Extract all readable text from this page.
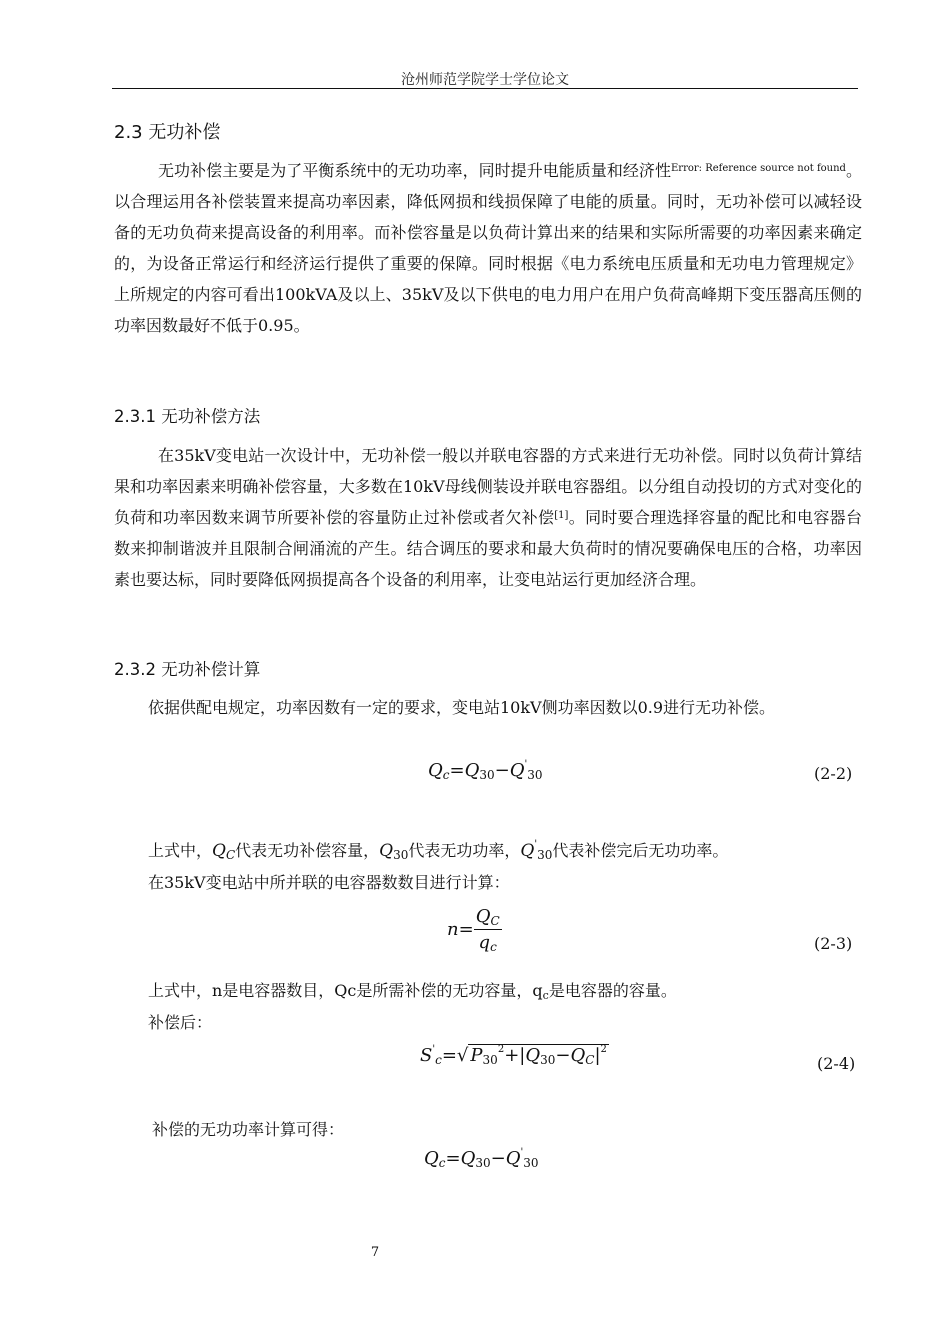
沧州师范学院学士学位论文
2.3 无功补偿

无功补偿主要是为了平衡系统中的无功功率，同时提升电能质量和经济性$^{Error: Reference source not found}$。以合理运用各补偿装置来提高功率因素，降低网损和线损保障了电能的质量。同时，无功补偿可以减轻设备的无功负荷来提高设备的利用率。而补偿容量是以负荷计算出来的结果和实际所需要的功率因素来确定的，为设备正常运行和经济运行提供了重要的保障。同时根据《电力系统电压质量和无功电力管理规定》上所规定的内容可看出100kVA及以上、35kV及以下供电的电力用户在用户负荷高峰期下变压器高压侧的功率因数最好不低于0.95。

2.3.1 无功补偿方法

在35kV变电站一次设计中，无功补偿一般以并联电容器的方式来进行无功补偿。同时以负荷计算结果和功率因素来明确补偿容量，大多数在10kV母线侧装设并联电容器组。以分组自动投切的方式对变化的负荷和功率因数来调节所要补偿的容量防止过补偿或者欠补偿[1]。同时要合理选择容量的配比和电容器台数来抑制谐波并且限制合闸涌流的产生。结合调压的要求和最大负荷时的情况要确保电压的合格，功率因素也要达标，同时要降低网损提高各个设备的利用率，让变电站运行更加经济合理。

2.3.2 无功补偿计算

依据供配电规定，功率因数有一定的要求，变电站10kV侧功率因数以0.9进行无功补偿。

Qc=Q30−Q'30	(2-2)
上式中，QC代表无功补偿容量，Q30代表无功功率，Q'30代表补偿完后无功功率。
在35kV变电站中所并联的电容器数数目进行计算：
$n= \frac{QC}{qc}$	(2-3)
上式中，n是电容器数目，Qc是所需补偿的无功容量，qc是电容器的容量。
补偿后：
S'c=√ $P30^2+|Q30-QC|^2$
(2-4)
补偿的无功功率计算可得：
Qc=Q30−Q'30
7
